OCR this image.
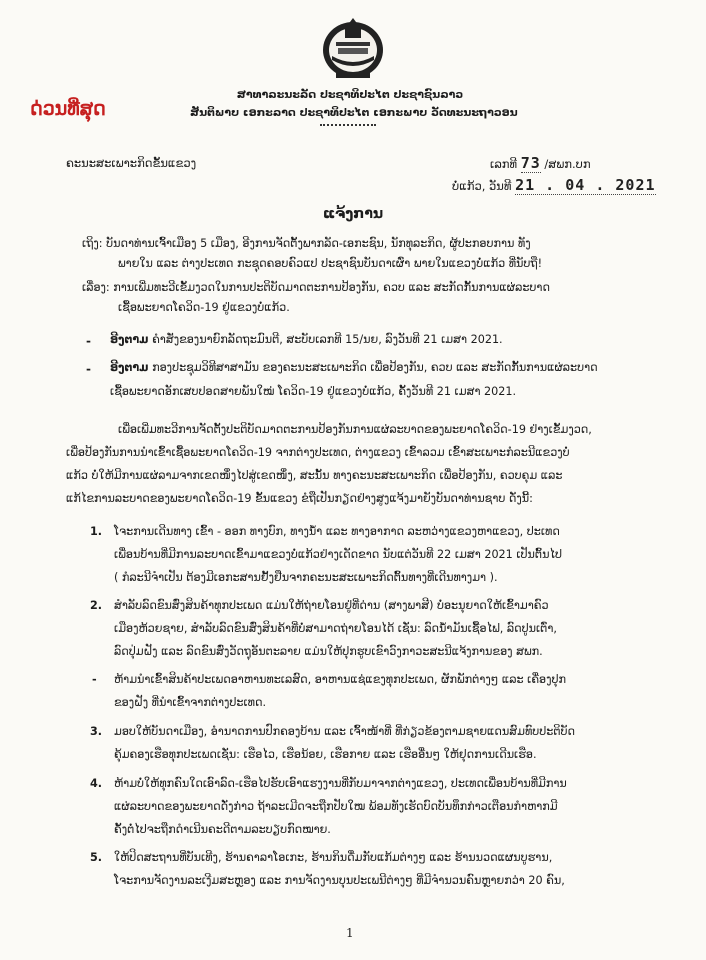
ດ່ວນທີ່ສຸດ
ສາທາລະນະລັດ ປະຊາທິປະໄຕ ປະຊາຊົນລາວ
ສັນຕິພາບ ເອກະລາດ ປະຊາທິປະໄຕ ເອກະພາບ ວັດທະນະຖາວອນ
ຄະນະສະເພາະກິດຂັ້ນແຂວງ	ເລກທີ 73 /ສພກ.ບກ
ບໍ່ແກ້ວ, ວັນທີ 21 . 04 . 2021
ແຈ້ງການ
ເຖິງ: ບັນດາທ່ານເຈົ້າເມືອງ 5 ເມືອງ, ອີງການຈັດຕັ້ງພາກລັດ-ເອກະຊົນ, ນັກທຸລະກິດ, ຜູ້ປະກອບການ ທັງ
ພາຍໃນ ແລະ ຕ່າງປະເທດ ກະຊຸດຄອບຄົວແປ ປະຊາຊົນບັນດາເຜົ່າ ພາຍໃນແຂວງບໍ່ແກ້ວ ທີ່ນັບຖື!
ເລື່ອງ: ການເພີ່ມທະວີເຂັ້ມງວດໃນການປະຕິບັດມາດຕະການປ້ອງກັນ, ຄວບ ແລະ ສະກັດກັ້ນການແຜ່ລະບາດ
ເຊື້ອພະຍາດໂຄວິດ-19 ຢູ່ແຂວງບໍ່ແກ້ວ.
- ອີງຕາມ ຄຳສັ່ງຂອງນາຍົກລັດຖະມົນຕີ, ສະບັບເລກທີ 15/ນຍ, ລົງວັນທີ 21 ເມສາ 2021.
- ອີງຕາມ ກອງປະຊຸມວິທີສາສາມັນ ຂອງຄະນະສະເພາະກິດ ເພື່ອປ້ອງກັນ, ຄວບ ແລະ ສະກັດກັ້ນການແຜ່ລະບາດ
ເຊື້ອພະຍາດອັກເສບປອດສາຍພັນໃໝ່ ໂຄວິດ-19 ຢູ່ແຂວງບໍ່ແກ້ວ, ຄັ້ງວັນທີ 21 ເມສາ 2021.
ເພື່ອເພີ່ມທະວີການຈັດຕັ້ງປະຕິບັດມາດຕະການປ້ອງກັນການແຜ່ລະບາດຂອງພະຍາດໂຄວິດ-19 ຢ່າງເຂັ້ມງວດ,
ເພື່ອປ້ອງກັນການນຳເຂົ້າເຊື້ອພະຍາດໂຄວິດ-19 ຈາກຕ່າງປະເທດ, ຕ່າງແຂວງ ເຂົ້າລວມ ເຂົ້າສະເພາະກໍລະນີແຂວງບໍ່
ແກ້ວ ບໍ່ໃຫ້ມີການແຜ່ລາມຈາກເຂດໜຶ່ງໄປສູ່ເຂດໜຶ່ງ, ສະນັ້ນ ທາງຄະນະສະເພາະກິດ ເພື່ອປ້ອງກັນ, ຄວບຄຸມ ແລະ
ແກ້ໄຂການລະບາດຂອງພະຍາດໂຄວິດ-19 ຂັ້ນແຂວງ ຂໍຖືເປັນກຽດຢ່າງສູງແຈ້ງມາຍັງບັນດາທ່ານຊາບ ດັ່ງນີ້:
1. ໂຈະການເດີນທາງ ເຂົ້າ - ອອກ ທາງບົກ, ທາງນ້ຳ ແລະ ທາງອາກາດ ລະຫວ່າງແຂວງຫາແຂວງ, ປະເທດ
ເພື່ອນບ້ານທີ່ມີການລະບາດເຂົ້າມາແຂວງບໍ່ແກ້ວຢ່າງເດັດຂາດ ນັບແຕ່ວັນທີ 22 ເມສາ 2021 ເປັນຕົ້ນໄປ
( ກໍລະນີຈຳເປັນ ຕ້ອງມີເອກະສານຢັ້ງຢືນຈາກຄະນະສະເພາະກິດຕົ້ນທາງທີ່ເດີນທາງມາ ).
2. ສຳລັບລົດຂົນສົ່ງສິນຄ້າທຸກປະເພດ ແມ່ນໃຫ້ຖ່າຍໂອນຢູ່ທີ່ດ່ານ (ສາງພາສີ) ບໍ່ອະນຸຍາດໃຫ້ເຂົ້າມາຄົວ
ເມືອງຫ້ວຍຊາຍ, ສຳລັບລົດຂົນສົ່ງສິນຄ້າທີ່ບໍ່ສາມາດຖ່າຍໂອນໄດ້ ເຊັ່ນ: ລົດນ້ຳມັນເຊື້ອໄຟ, ລົດປູນເຕົ່າ,
ລົດປຸ່ມຝັງ ແລະ ລົດຂົນສົ່ງວັດຖຸອັນຕະລາຍ ແມ່ນໃຫ້ປຸກຮູບເຂົາວົງກາວະສະນີແຈ້ງການຂອງ ສພກ.
- ຫ້າມນຳເຂົ້າສິນຄ້າປະເພດອາຫານທະເລສົດ, ອາຫານແຊ່ແຂງທຸກປະເພດ, ຜັກພັກຕ່າງໆ ແລະ ເຄື່ອງປຸກ
ຂອງຝັງ ທີ່ນຳເຂົ້າຈາກຕ່າງປະເທດ.
3. ມອບໃຫ້ບັນດາເມືອງ, ອຳນາດການປົກຄອງບ້ານ ແລະ ເຈົ້າໜ້າທີ່ ທີ່ກ່ຽວຂ້ອງຕາມຊາຍແດນສົມທົບປະຕິບັດ
ຄຸ້ມຄອງເຮືອທຸກປະເພດເຊັ່ນ: ເຮືອໄວ, ເຮືອນ້ອຍ, ເຮືອກາຍ ແລະ ເຮືອອື່ນໆ ໃຫ້ຢຸດການເດີນເຮືອ.
4. ຫ້າມບໍ່ໃຫ້ທຸກຄົນໃດເອົາລົດ-ເຮືອໄປຮັບເອົາແຮງງານທີ່ກັບມາຈາກຕ່າງແຂວງ, ປະເທດເພື່ອນບ້ານທີ່ມີການ
ແຜ່ລະບາດຂອງພະຍາດດັ່ງກ່າວ ຖ້າລະເມີດຈະຖືກປັບໃໝ ພ້ອມທັງເຮັດບົດບັນທຶກກ່າວເຕືອນກໍາຫາກມີ
ຄັ້ງຕໍ່ໄປຈະຖືກດຳເນີນຄະດີຕາມລະບຽບກົດໝາຍ.
5. ໃຫ້ປິດສະຖານທີ່ບັນເທີງ, ຮ້ານຄາລາໂອເກະ, ຮ້ານກິນດື່ມກັບແກ້ມຕ່າງໆ ແລະ ຮ້ານນວດແຜນບູຮານ,
ໂຈະການຈັດງານລະເງີມສະຫຼອງ ແລະ ການຈັດງານບຸນປະເພນີຕ່າງໆ ທີ່ມີຈຳນວນຄົນຫຼາຍກວ່າ 20 ຄົນ,
1
